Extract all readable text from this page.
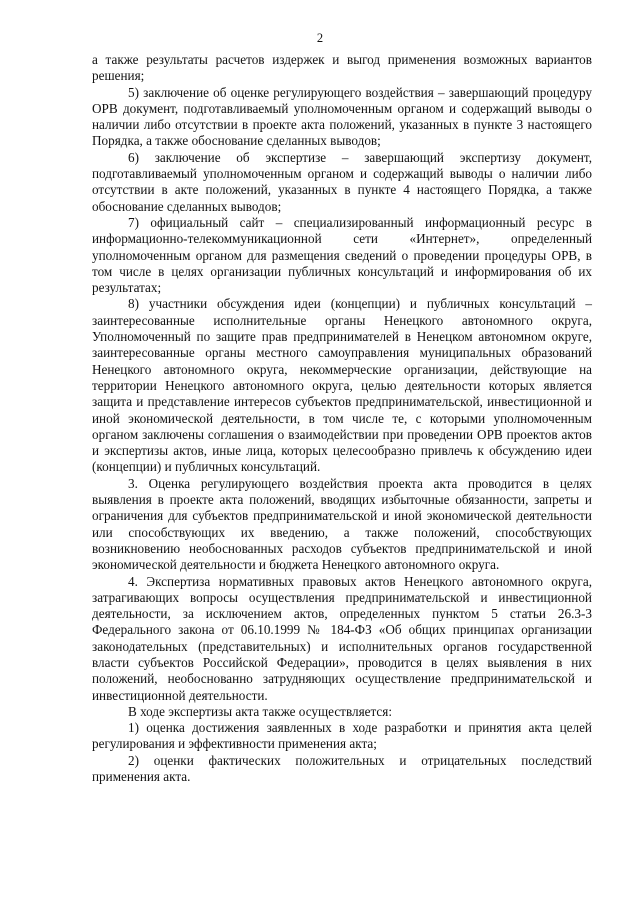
2

а также результаты расчетов издержек и выгод применения возможных вариантов решения;

5) заключение об оценке регулирующего воздействия – завершающий процедуру ОРВ документ, подготавливаемый уполномоченным органом и содержащий выводы о наличии либо отсутствии в проекте акта положений, указанных в пункте 3 настоящего Порядка, а также обоснование сделанных выводов;

6) заключение об экспертизе – завершающий экспертизу документ, подготавливаемый уполномоченным органом и содержащий выводы о наличии либо отсутствии в акте положений, указанных в пункте 4 настоящего Порядка, а также обоснование сделанных выводов;

7) официальный сайт – специализированный информационный ресурс в информационно-телекоммуникационной сети «Интернет», определенный уполномоченным органом для размещения сведений о проведении процедуры ОРВ, в том числе в целях организации публичных консультаций и информирования об их результатах;

8) участники обсуждения идеи (концепции) и публичных консультаций – заинтересованные исполнительные органы Ненецкого автономного округа, Уполномоченный по защите прав предпринимателей в Ненецком автономном округе, заинтересованные органы местного самоуправления муниципальных образований Ненецкого автономного округа, некоммерческие организации, действующие на территории Ненецкого автономного округа, целью деятельности которых является защита и представление интересов субъектов предпринимательской, инвестиционной и иной экономической деятельности, в том числе те, с которыми уполномоченным органом заключены соглашения о взаимодействии при проведении ОРВ проектов актов и экспертизы актов, иные лица, которых целесообразно привлечь к обсуждению идеи (концепции) и публичных консультаций.

3. Оценка регулирующего воздействия проекта акта проводится в целях выявления в проекте акта положений, вводящих избыточные обязанности, запреты и ограничения для субъектов предпринимательской и иной экономической деятельности или способствующих их введению, а также положений, способствующих возникновению необоснованных расходов субъектов предпринимательской и иной экономической деятельности и бюджета Ненецкого автономного округа.

4. Экспертиза нормативных правовых актов Ненецкого автономного округа, затрагивающих вопросы осуществления предпринимательской и инвестиционной деятельности, за исключением актов, определенных пунктом 5 статьи 26.3-3 Федерального закона от 06.10.1999 № 184-ФЗ «Об общих принципах организации законодательных (представительных) и исполнительных органов государственной власти субъектов Российской Федерации», проводится в целях выявления в них положений, необоснованно затрудняющих осуществление предпринимательской и инвестиционной деятельности.

В ходе экспертизы акта также осуществляется:

1) оценка достижения заявленных в ходе разработки и принятия акта целей регулирования и эффективности применения акта;

2) оценки фактических положительных и отрицательных последствий применения акта.
